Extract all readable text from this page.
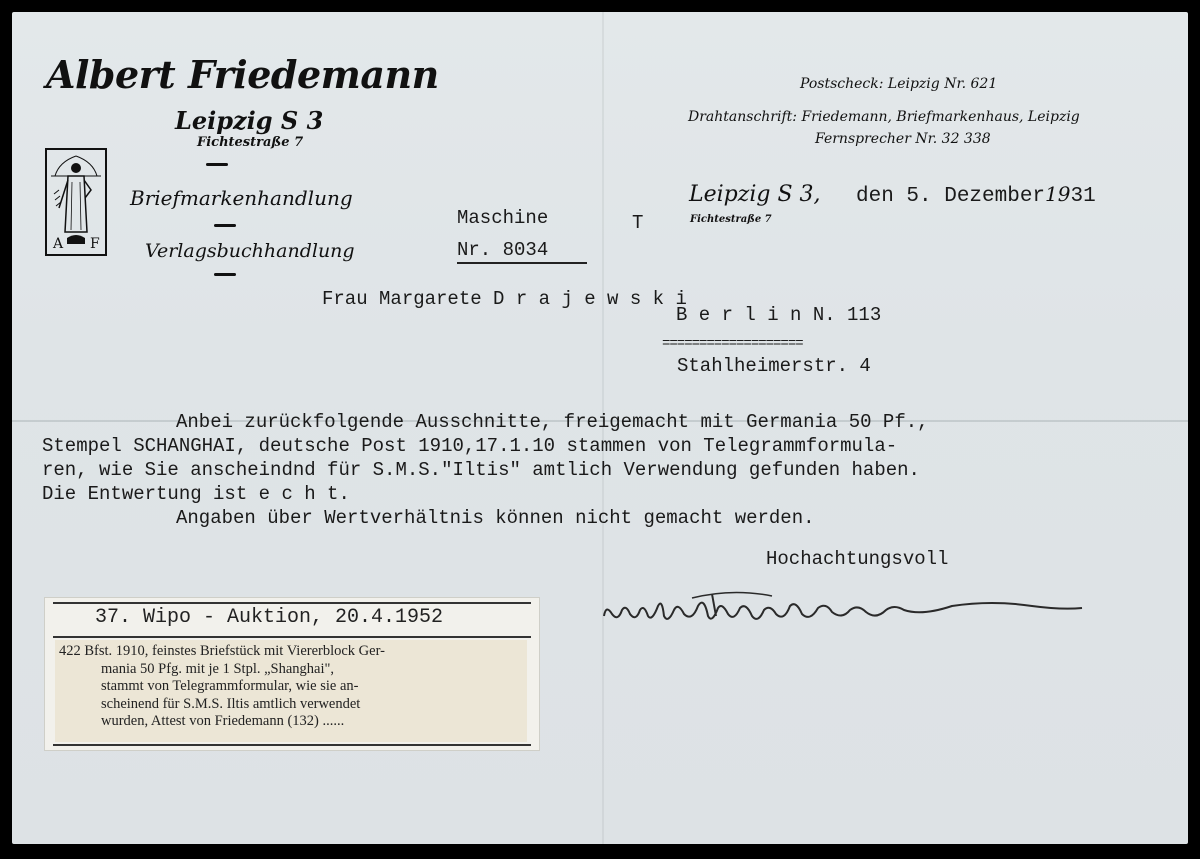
Albert Friedemann
Leipzig S 3
Fichtestraße 7
Briefmarkenhandlung
Verlagsbuchhandlung
A F
Postscheck: Leipzig Nr. 621
Drahtanschrift: Friedemann, Briefmarkenhaus, Leipzig
Fernsprecher Nr. 32 338
Leipzig S 3,
Fichtestraße 7
den 5. Dezember1931
Maschine	T
Nr. 8034
Frau Margarete D r a j e w s k i
B e r l i n N. 113
===================
Stahlheimerstr. 4
Anbei zurückfolgende Ausschnitte, freigemacht mit Germania 50 Pf.,
Stempel SCHANGHAI, deutsche Post 1910,17.1.10 stammen von Telegrammformula-
ren, wie Sie anscheindnd für S.M.S."Iltis" amtlich Verwendung gefunden haben.
Die Entwertung ist e c h t.
Angaben über Wertverhältnis können nicht gemacht werden.
Hochachtungsvoll
37. Wipo - Auktion, 20.4.1952
422 Bfst. 1910, feinstes Briefstück mit Viererblock Ger-
mania 50 Pfg. mit je 1 Stpl. „Shanghai",
stammt von Telegrammformular, wie sie an-
scheinend für S.M.S. Iltis amtlich verwendet
wurden, Attest von Friedemann (132) ......
